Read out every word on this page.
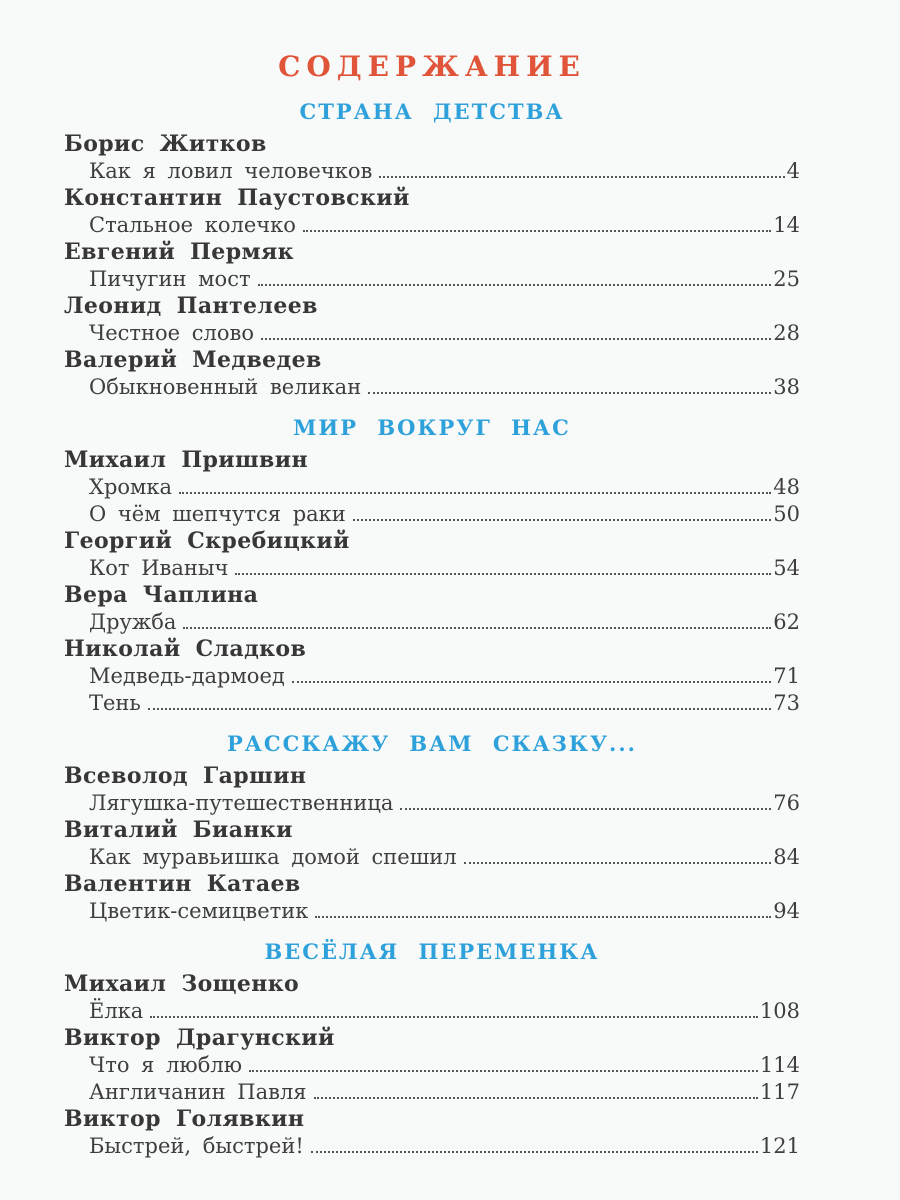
СОДЕРЖАНИЕ
СТРАНА ДЕТСТВА
Борис Житков
Как я ловил человечков	4
Константин Паустовский
Стальное колечко	14
Евгений Пермяк
Пичугин мост	25
Леонид Пантелеев
Честное слово	28
Валерий Медведев
Обыкновенный великан	38
МИР ВОКРУГ НАС
Михаил Пришвин
Хромка	48
О чём шепчутся раки	50
Георгий Скребицкий
Кот Иваныч	54
Вера Чаплина
Дружба	62
Николай Сладков
Медведь-дармоед	71
Тень	73
РАССКАЖУ ВАМ СКАЗКУ...
Всеволод Гаршин
Лягушка-путешественница	76
Виталий Бианки
Как муравьишка домой спешил	84
Валентин Катаев
Цветик-семицветик	94
ВЕСЁЛАЯ ПЕРЕМЕНКА
Михаил Зощенко
Ёлка	108
Виктор Драгунский
Что я люблю	114
Англичанин Павля	117
Виктор Голявкин
Быстрей, быстрей!	121
